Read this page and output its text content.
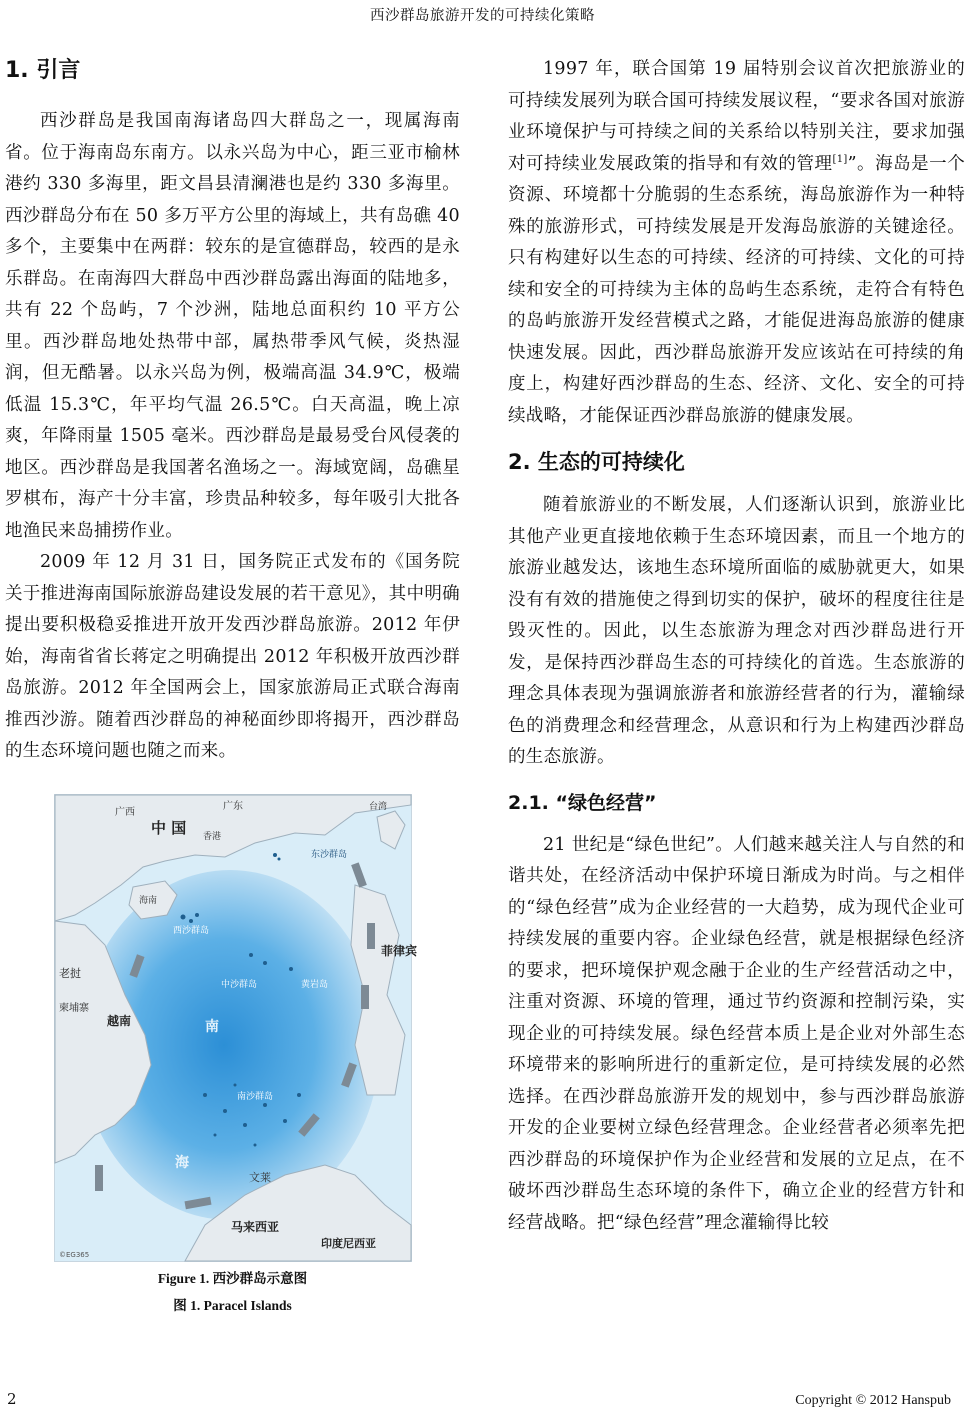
西沙群岛旅游开发的可持续化策略
1. 引言

西沙群岛是我国南海诸岛四大群岛之一，现属海南省。位于海南岛东南方。以永兴岛为中心，距三亚市榆林港约 330 多海里，距文昌县清澜港也是约 330 多海里。西沙群岛分布在 50 多万平方公里的海域上，共有岛礁 40 多个，主要集中在两群：较东的是宣德群岛，较西的是永乐群岛。在南海四大群岛中西沙群岛露出海面的陆地多，共有 22 个岛屿，7 个沙洲，陆地总面积约 10 平方公里。西沙群岛地处热带中部，属热带季风气候，炎热湿润，但无酷暑。以永兴岛为例，极端高温 34.9℃，极端低温 15.3℃，年平均气温 26.5℃。白天高温，晚上凉爽，年降雨量 1505 毫米。西沙群岛是最易受台风侵袭的地区。西沙群岛是我国著名渔场之一。海域宽阔，岛礁星罗棋布，海产十分丰富，珍贵品种较多，每年吸引大批各地渔民来岛捕捞作业。

2009 年 12 月 31 日，国务院正式发布的《国务院关于推进海南国际旅游岛建设发展的若干意见》，其中明确提出要积极稳妥推进开放开发西沙群岛旅游。2012 年伊始，海南省省长蒋定之明确提出 2012 年积极开放西沙群岛旅游。2012 年全国两会上，国家旅游局正式联合海南推西沙游。随着西沙群岛的神秘面纱即将揭开，西沙群岛的生态环境问题也随之而来。

广西
广东	台湾
中 国 香港
东沙群岛
海南
西沙群岛
中沙群岛	黄岩岛
老挝
柬埔寨
越南
菲律宾
南
海
南沙群岛
文莱
马来西亚
印度尼西亚
©EG365
Figure 1. 西沙群岛示意图
图 1. Paracel Islands

1997 年，联合国第 19 届特别会议首次把旅游业的可持续发展列为联合国可持续发展议程，“要求各国对旅游业环境保护与可持续之间的关系给以特别关注，要求加强对可持续业发展政策的指导和有效的管理[1]”。海岛是一个资源、环境都十分脆弱的生态系统，海岛旅游作为一种特殊的旅游形式，可持续发展是开发海岛旅游的关键途径。只有构建好以生态的可持续、经济的可持续、文化的可持续和安全的可持续为主体的岛屿生态系统，走符合有特色的岛屿旅游开发经营模式之路，才能促进海岛旅游的健康快速发展。因此，西沙群岛旅游开发应该站在可持续的角度上，构建好西沙群岛的生态、经济、文化、安全的可持续战略，才能保证西沙群岛旅游的健康发展。

2. 生态的可持续化

随着旅游业的不断发展，人们逐渐认识到，旅游业比其他产业更直接地依赖于生态环境因素，而且一个地方的旅游业越发达，该地生态环境所面临的威胁就更大，如果没有有效的措施使之得到切实的保护，破坏的程度往往是毁灭性的。因此，以生态旅游为理念对西沙群岛进行开发，是保持西沙群岛生态的可持续化的首选。生态旅游的理念具体表现为强调旅游者和旅游经营者的行为，灌输绿色的消费理念和经营理念，从意识和行为上构建西沙群岛的生态旅游。

2.1. “绿色经营”

21 世纪是“绿色世纪”。人们越来越关注人与自然的和谐共处，在经济活动中保护环境日渐成为时尚。与之相伴的“绿色经营”成为企业经营的一大趋势，成为现代企业可持续发展的重要内容。企业绿色经营，就是根据绿色经济的要求，把环境保护观念融于企业的生产经营活动之中，注重对资源、环境的管理，通过节约资源和控制污染，实现企业的可持续发展。绿色经营本质上是企业对外部生态环境带来的影响所进行的重新定位，是可持续发展的必然选择。在西沙群岛旅游开发的规划中，参与西沙群岛旅游开发的企业要树立绿色经营理念。企业经营者必须率先把西沙群岛的环境保护作为企业经营和发展的立足点，在不破坏西沙群岛生态环境的条件下，确立企业的经营方针和经营战略。把“绿色经营”理念灌输得比较

2	Copyright © 2012 Hanspub
